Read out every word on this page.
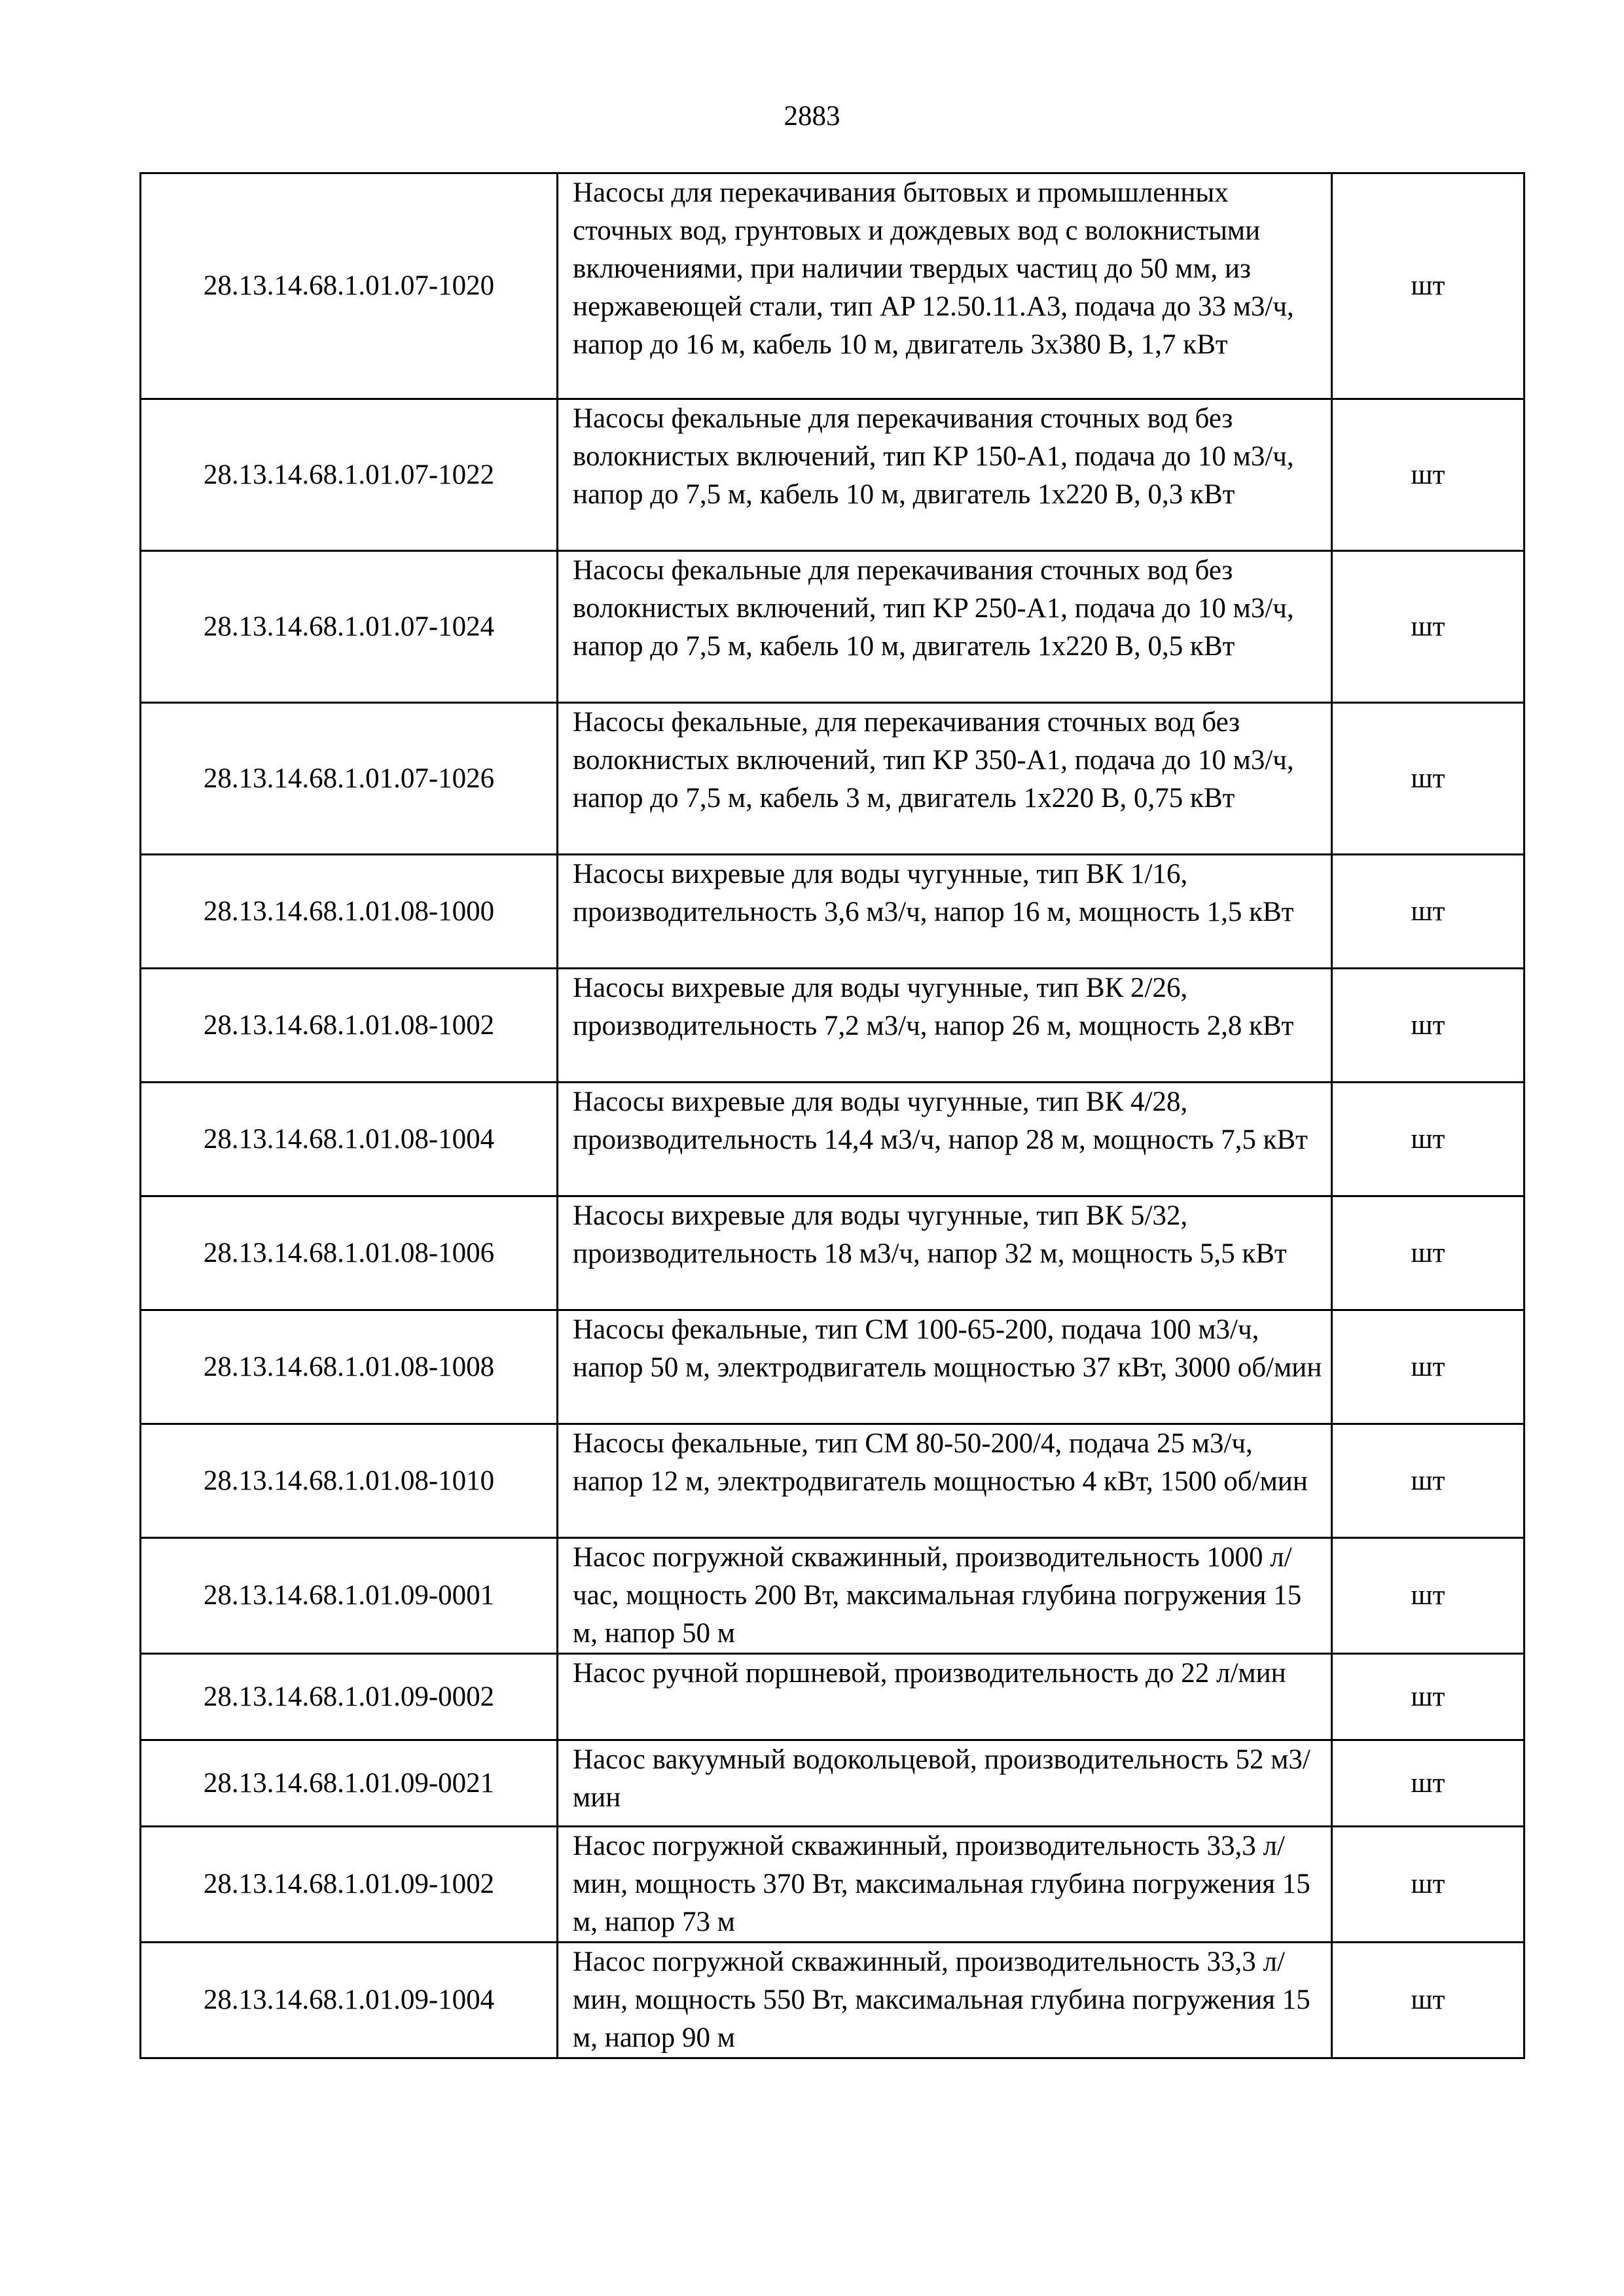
2883
28.13.14.68.1.01.07-1020	Насосы для перекачивания бытовых и промышленных сточных вод, грунтовых и дождевых вод с волокнистыми включениями, при наличии твердых частиц до 50 мм, из нержавеющей стали, тип AP 12.50.11.A3, подача до 33 м3/ч, напор до 16 м, кабель 10 м, двигатель 3x380 В, 1,7 кВт	шт
28.13.14.68.1.01.07-1022	Насосы фекальные для перекачивания сточных вод без волокнистых включений, тип KP 150-A1, подача до 10 м3/ч, напор до 7,5 м, кабель 10 м, двигатель 1x220 В, 0,3 кВт	шт
28.13.14.68.1.01.07-1024	Насосы фекальные для перекачивания сточных вод без волокнистых включений, тип KP 250-A1, подача до 10 м3/ч, напор до 7,5 м, кабель 10 м, двигатель 1x220 В, 0,5 кВт	шт
28.13.14.68.1.01.07-1026	Насосы фекальные, для перекачивания сточных вод без волокнистых включений, тип KP 350-A1, подача до 10 м3/ч, напор до 7,5 м, кабель 3 м, двигатель 1x220 В, 0,75 кВт	шт
28.13.14.68.1.01.08-1000	Насосы вихревые для воды чугунные, тип ВК 1/16, производительность 3,6 м3/ч, напор 16 м, мощность 1,5 кВт	шт
28.13.14.68.1.01.08-1002	Насосы вихревые для воды чугунные, тип ВК 2/26, производительность 7,2 м3/ч, напор 26 м, мощность 2,8 кВт	шт
28.13.14.68.1.01.08-1004	Насосы вихревые для воды чугунные, тип ВК 4/28, производительность 14,4 м3/ч, напор 28 м, мощность 7,5 кВт	шт
28.13.14.68.1.01.08-1006	Насосы вихревые для воды чугунные, тип ВК 5/32, производительность 18 м3/ч, напор 32 м, мощность 5,5 кВт	шт
28.13.14.68.1.01.08-1008	Насосы фекальные, тип СМ 100-65-200, подача 100 м3/ч, напор 50 м, электродвигатель мощностью 37 кВт, 3000 об/мин	шт
28.13.14.68.1.01.08-1010	Насосы фекальные, тип СМ 80-50-200/4, подача 25 м3/ч, напор 12 м, электродвигатель мощностью 4 кВт, 1500 об/мин	шт
28.13.14.68.1.01.09-0001	Насос погружной скважинный, производительность 1000 л/час, мощность 200 Вт, максимальная глубина погружения 15 м, напор 50 м	шт
28.13.14.68.1.01.09-0002	Насос ручной поршневой, производительность до 22 л/мин	шт
28.13.14.68.1.01.09-0021	Насос вакуумный водокольцевой, производительность 52 м3/мин	шт
28.13.14.68.1.01.09-1002	Насос погружной скважинный, производительность 33,3 л/мин, мощность 370 Вт, максимальная глубина погружения 15 м, напор 73 м	шт
28.13.14.68.1.01.09-1004	Насос погружной скважинный, производительность 33,3 л/мин, мощность 550 Вт, максимальная глубина погружения 15 м, напор 90 м	шт
